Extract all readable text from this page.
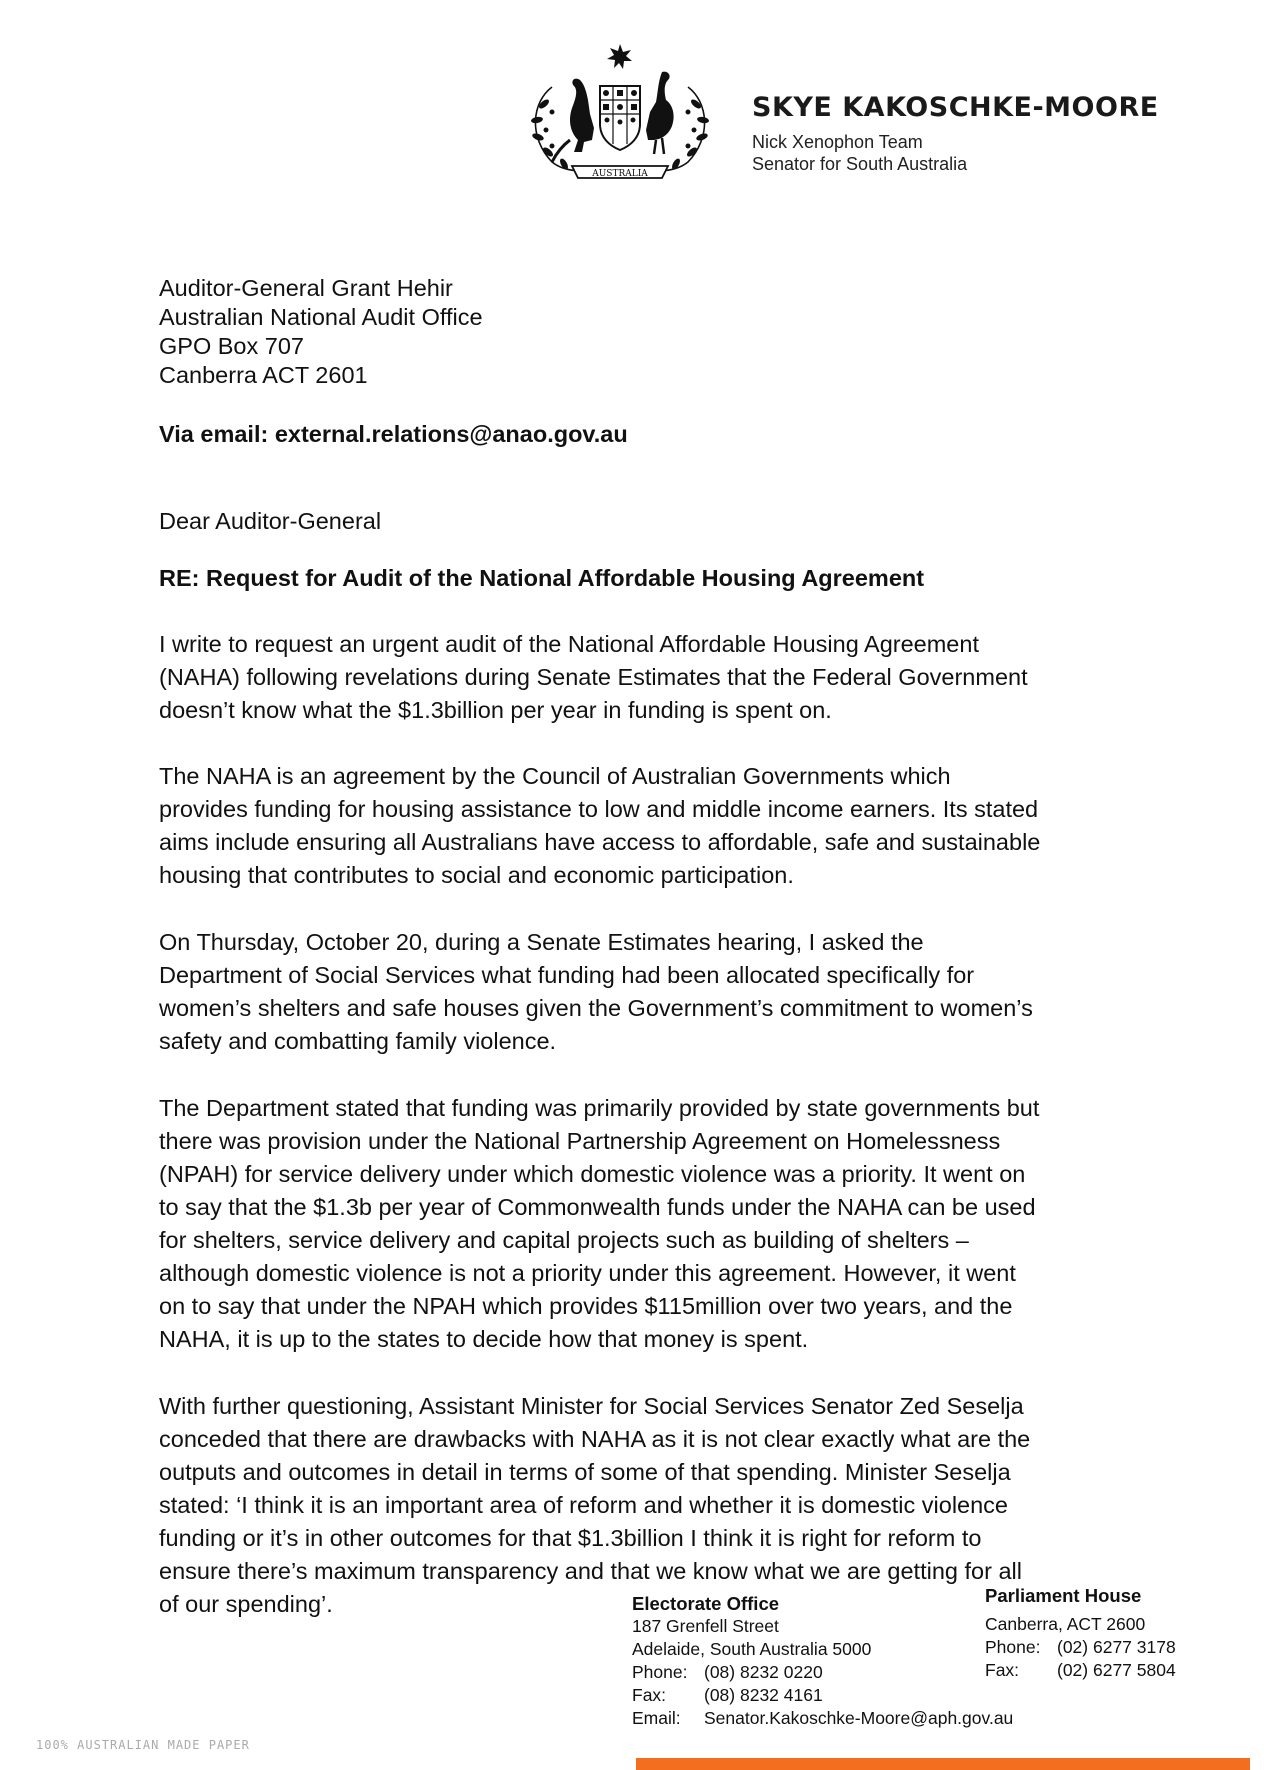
AUSTRALIA
SKYE KAKOSCHKE-MOORE
Nick Xenophon Team
Senator for South Australia
Auditor-General Grant Hehir
Australian National Audit Office
GPO Box 707
Canberra ACT 2601
Via email: external.relations@anao.gov.au
Dear Auditor-General
RE: Request for Audit of the National Affordable Housing Agreement
I write to request an urgent audit of the National Affordable Housing Agreement
(NAHA) following revelations during Senate Estimates that the Federal Government
doesn’t know what the $1.3billion per year in funding is spent on.
The NAHA is an agreement by the Council of Australian Governments which
provides funding for housing assistance to low and middle income earners. Its stated
aims include ensuring all Australians have access to affordable, safe and sustainable
housing that contributes to social and economic participation.
On Thursday, October 20, during a Senate Estimates hearing, I asked the
Department of Social Services what funding had been allocated specifically for
women’s shelters and safe houses given the Government’s commitment to women’s
safety and combatting family violence.
The Department stated that funding was primarily provided by state governments but
there was provision under the National Partnership Agreement on Homelessness
(NPAH) for service delivery under which domestic violence was a priority. It went on
to say that the $1.3b per year of Commonwealth funds under the NAHA can be used
for shelters, service delivery and capital projects such as building of shelters –
although domestic violence is not a priority under this agreement. However, it went
on to say that under the NPAH which provides $115million over two years, and the
NAHA, it is up to the states to decide how that money is spent.
With further questioning, Assistant Minister for Social Services Senator Zed Seselja
conceded that there are drawbacks with NAHA as it is not clear exactly what are the
outputs and outcomes in detail in terms of some of that spending. Minister Seselja
stated: ‘I think it is an important area of reform and whether it is domestic violence
funding or it’s in other outcomes for that $1.3billion I think it is right for reform to
ensure there’s maximum transparency and that we know what we are getting for all
of our spending’.	Electorate Office
187 Grenfell Street
Adelaide, South Australia 5000
Phone: (08) 8232 0220
Fax:	(08) 8232 4161
Email:	Senator.Kakoschke-Moore@aph.gov.au
Parliament House
Canberra, ACT 2600
Phone: (02) 6277 3178
Fax:	(02) 6277 5804
100% AUSTRALIAN MADE PAPER
